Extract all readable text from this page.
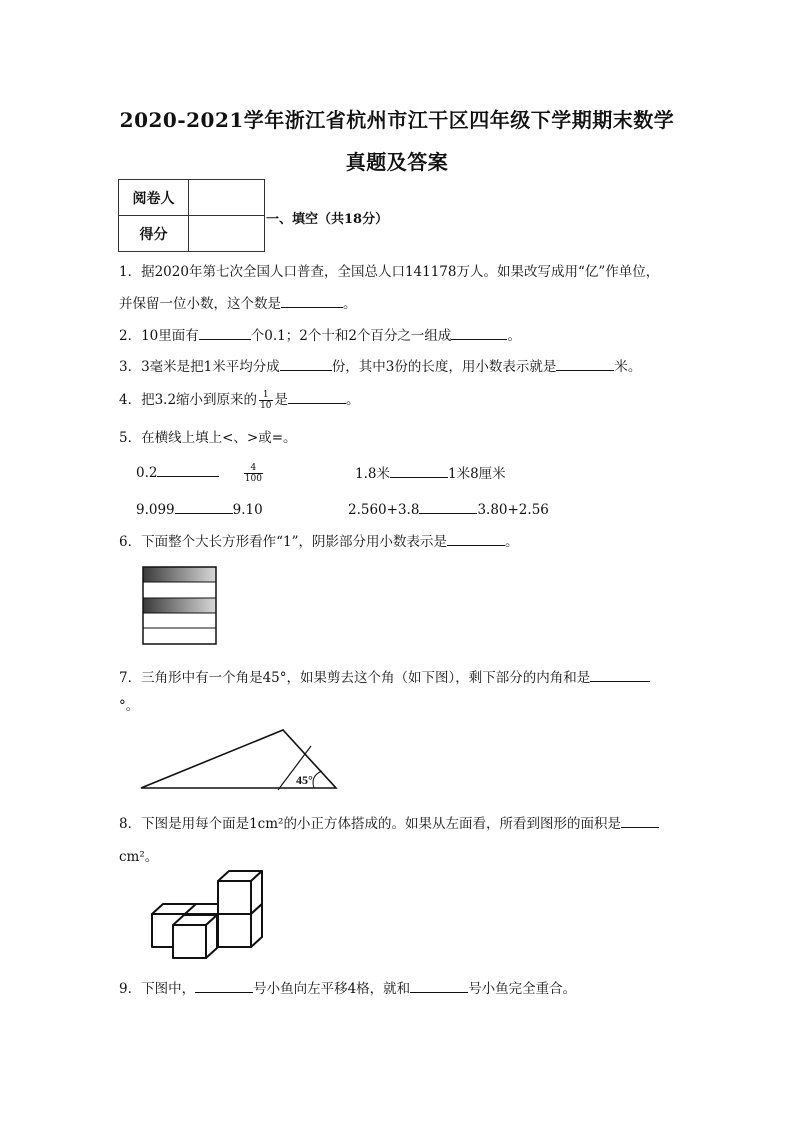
2020-2021学年浙江省杭州市江干区四年级下学期期末数学
真题及答案
阅卷人	
得分	
一、填空（共18分）
1．据2020年第七次全国人口普查，全国总人口141178万人。如果改写成用“亿”作单位，
并保留一位小数，这个数是	。
2．10里面有	个0.1；2个十和2个百分之一组成	。
3．3毫米是把1米平均分成	份，其中3份的长度，用小数表示就是	米。
4．把3.2缩小到原来的 $\frac{1}{10}$ 是	。
5．在横线上填上<、>或=。
0.2	$\frac{4}{100}$	1.8米	1米8厘米
9.099	9.10	2.560+3.8	3.80+2.56
6．下面整个大长方形看作“1”，阴影部分用小数表示是	。
7．三角形中有一个角是45°，如果剪去这个角（如下图），剩下部分的内角和是
°。
45°
8．下图是用每个面是1cm²的小正方体搭成的。如果从左面看，所看到图形的面积是
cm²。
9．下图中，	号小鱼向左平移4格，就和	号小鱼完全重合。
